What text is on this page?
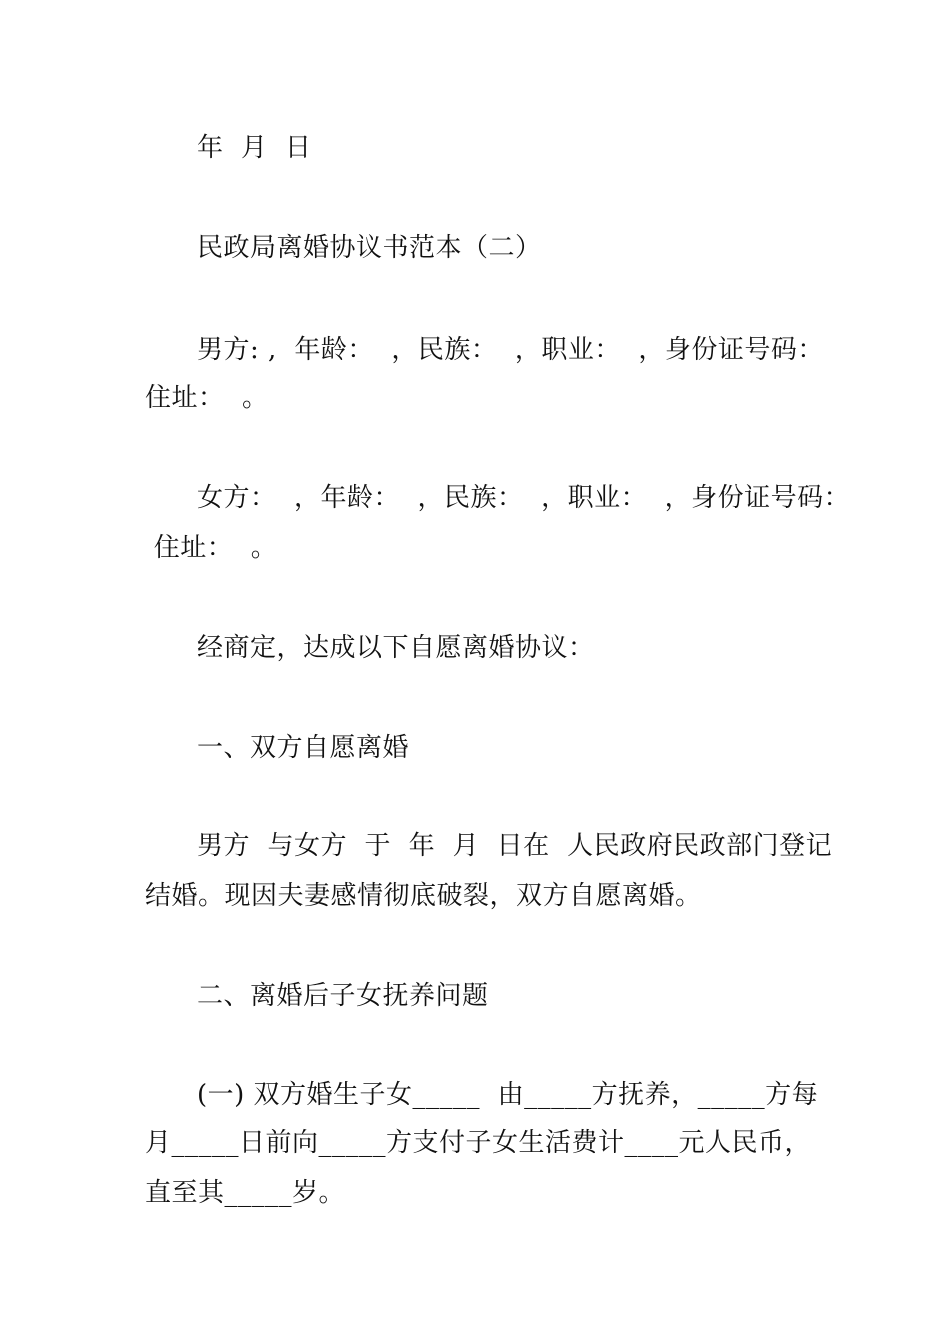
年  月  日
民政局离婚协议书范本（二）
男方: ,  年龄：  ，民族：  ，职业：  ，身份证号码：
住址：  。
女方：  ，年龄：  ，民族：  ，职业：  ，身份证号码：
住址：  。
经商定，达成以下自愿离婚协议：
一、双方自愿离婚
男方  与女方  于  年  月  日在  人民政府民政部门登记
结婚。现因夫妻感情彻底破裂，双方自愿离婚。
二、离婚后子女抚养问题
(一) 双方婚生子女_____  由_____方抚养，_____方每
月_____日前向_____方支付子女生活费计____元人民币，
直至其_____岁。
